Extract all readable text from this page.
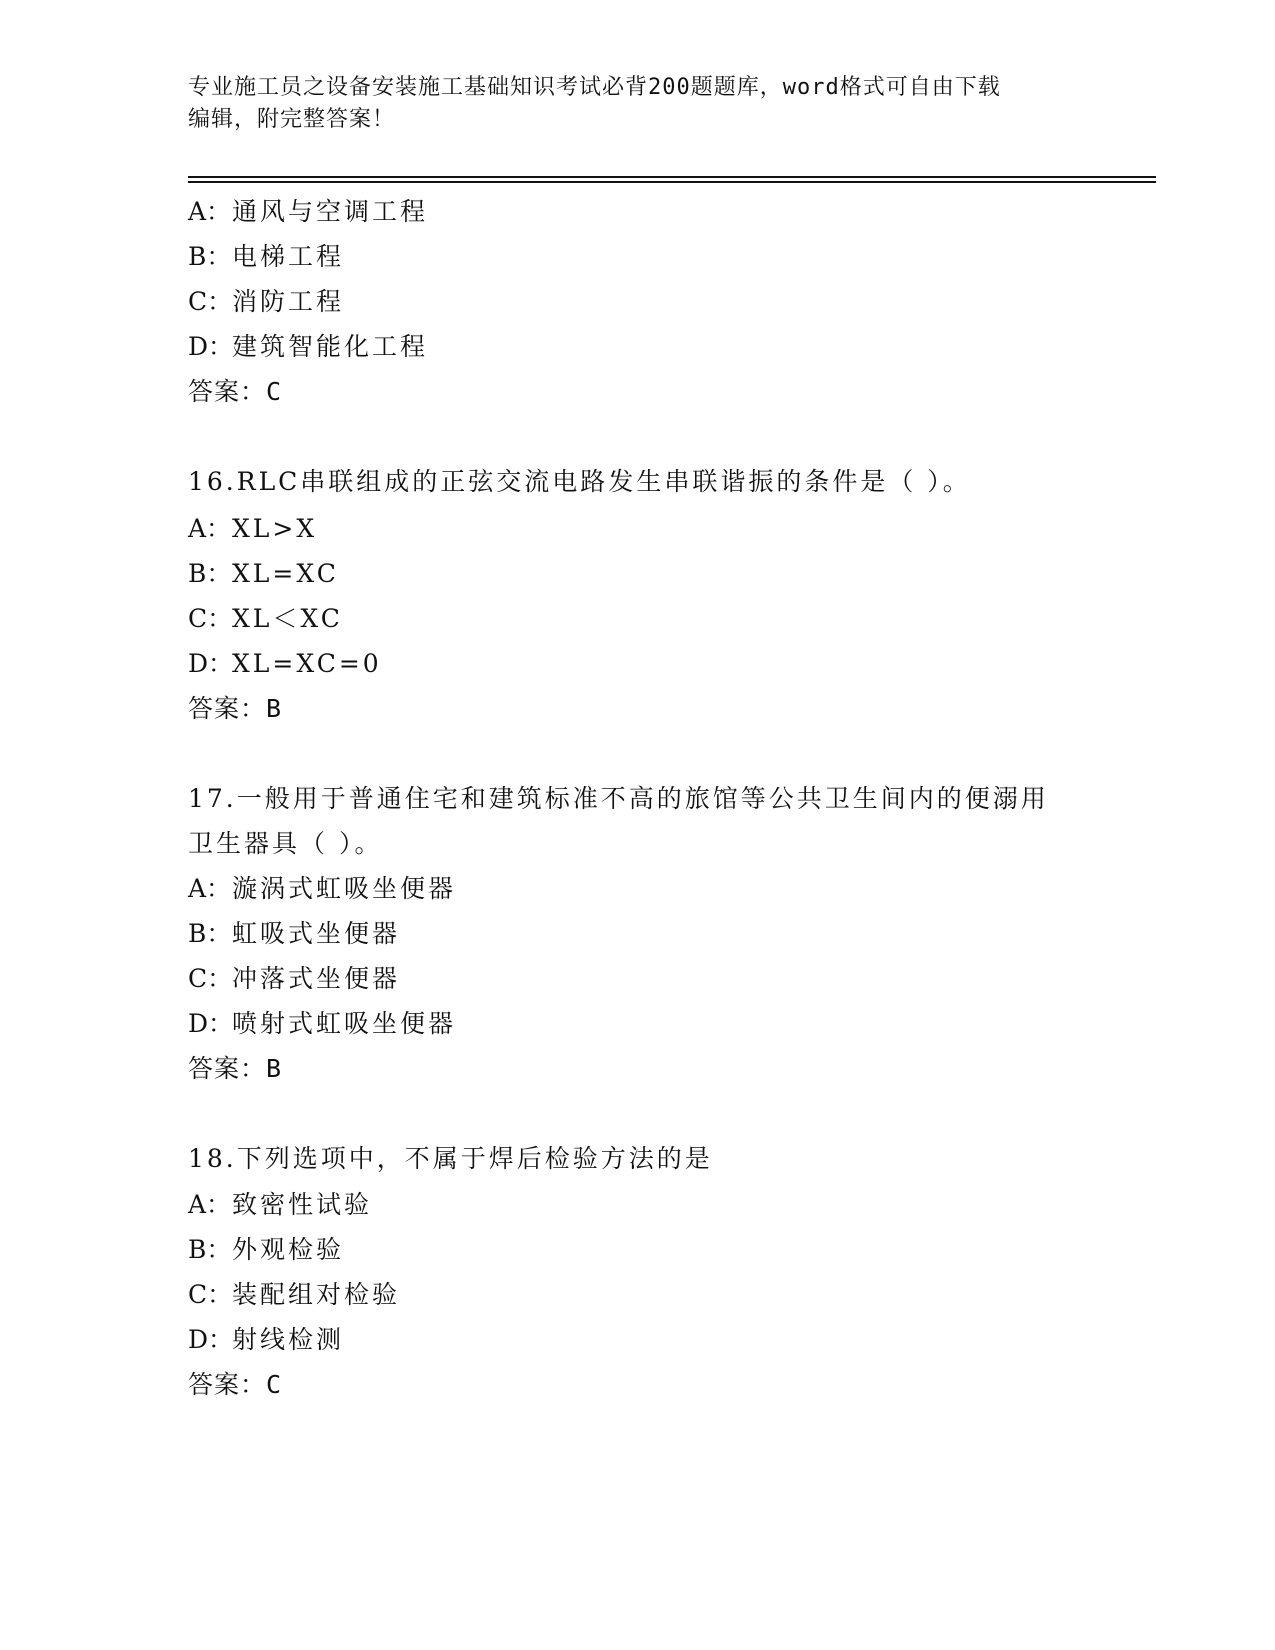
专业施工员之设备安装施工基础知识考试必背200题题库，word格式可自由下载
编辑，附完整答案！
A：通风与空调工程
B：电梯工程
C：消防工程
D：建筑智能化工程
答案：C
16.RLC串联组成的正弦交流电路发生串联谐振的条件是（ ）。
A：XL>X
B：XL=XC
C：XL＜XC
D：XL=XC=0
答案：B
17.一般用于普通住宅和建筑标准不高的旅馆等公共卫生间内的便溺用
卫生器具（ ）。
A：漩涡式虹吸坐便器
B：虹吸式坐便器
C：冲落式坐便器
D：喷射式虹吸坐便器
答案：B
18.下列选项中，不属于焊后检验方法的是
A：致密性试验
B：外观检验
C：装配组对检验
D：射线检测
答案：C
